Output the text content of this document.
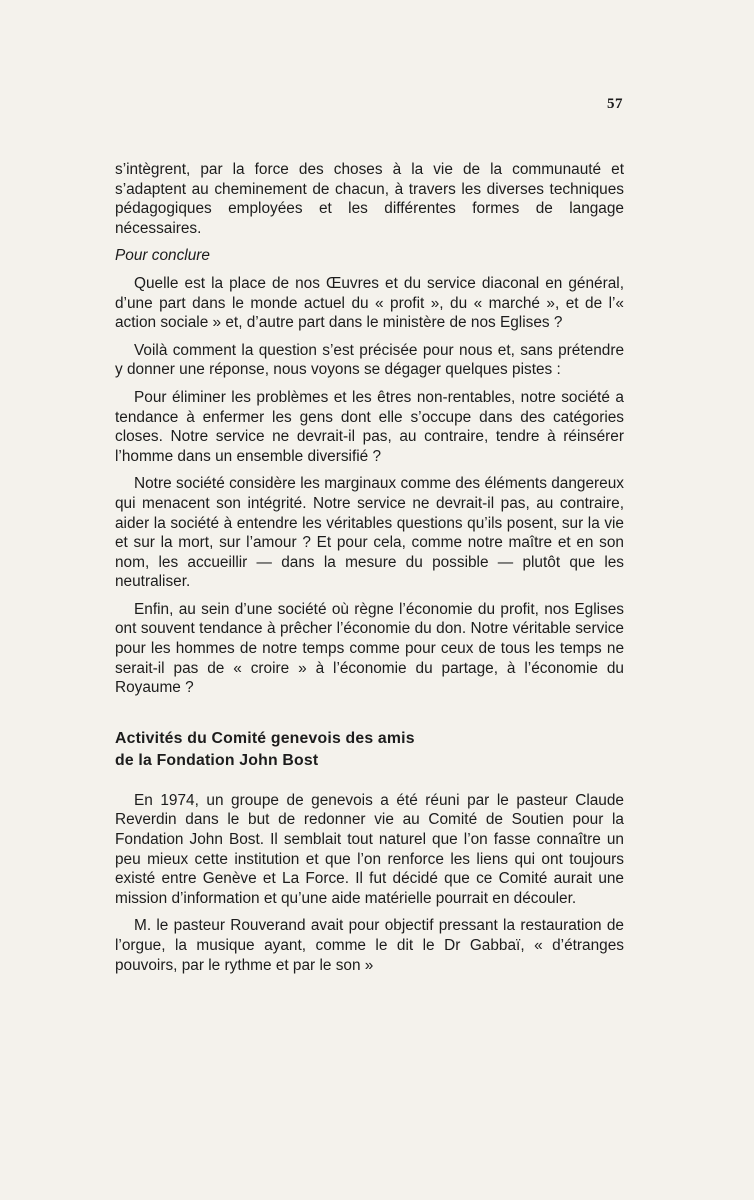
57

s’intègrent, par la force des choses à la vie de la communauté et s’adaptent au cheminement de chacun, à travers les diverses techniques pédagogiques employées et les différentes formes de langage nécessaires.

Pour conclure

Quelle est la place de nos Œuvres et du service diaconal en général, d’une part dans le monde actuel du « profit », du « marché », et de l’« action sociale » et, d’autre part dans le ministère de nos Eglises ?

Voilà comment la question s’est précisée pour nous et, sans prétendre y donner une réponse, nous voyons se dégager quelques pistes :

Pour éliminer les problèmes et les êtres non-rentables, notre société a tendance à enfermer les gens dont elle s’occupe dans des catégories closes. Notre service ne devrait-il pas, au contraire, tendre à réinsérer l’homme dans un ensemble diversifié ?

Notre société considère les marginaux comme des éléments dangereux qui menacent son intégrité. Notre service ne devrait-il pas, au contraire, aider la société à entendre les véritables questions qu’ils posent, sur la vie et sur la mort, sur l’amour ? Et pour cela, comme notre maître et en son nom, les accueillir — dans la mesure du possible — plutôt que les neutraliser.

Enfin, au sein d’une société où règne l’économie du profit, nos Eglises ont souvent tendance à prêcher l’économie du don. Notre véritable service pour les hommes de notre temps comme pour ceux de tous les temps ne serait-il pas de « croire » à l’économie du partage, à l’économie du Royaume ?

Activités du Comité genevois des amis
de la Fondation John Bost

En 1974, un groupe de genevois a été réuni par le pasteur Claude Reverdin dans le but de redonner vie au Comité de Soutien pour la Fondation John Bost. Il semblait tout naturel que l’on fasse connaître un peu mieux cette institution et que l’on renforce les liens qui ont toujours existé entre Genève et La Force. Il fut décidé que ce Comité aurait une mission d’information et qu’une aide matérielle pourrait en découler.

M. le pasteur Rouverand avait pour objectif pressant la restauration de l’orgue, la musique ayant, comme le dit le Dr Gabbaï, « d’étranges pouvoirs, par le rythme et par le son »
